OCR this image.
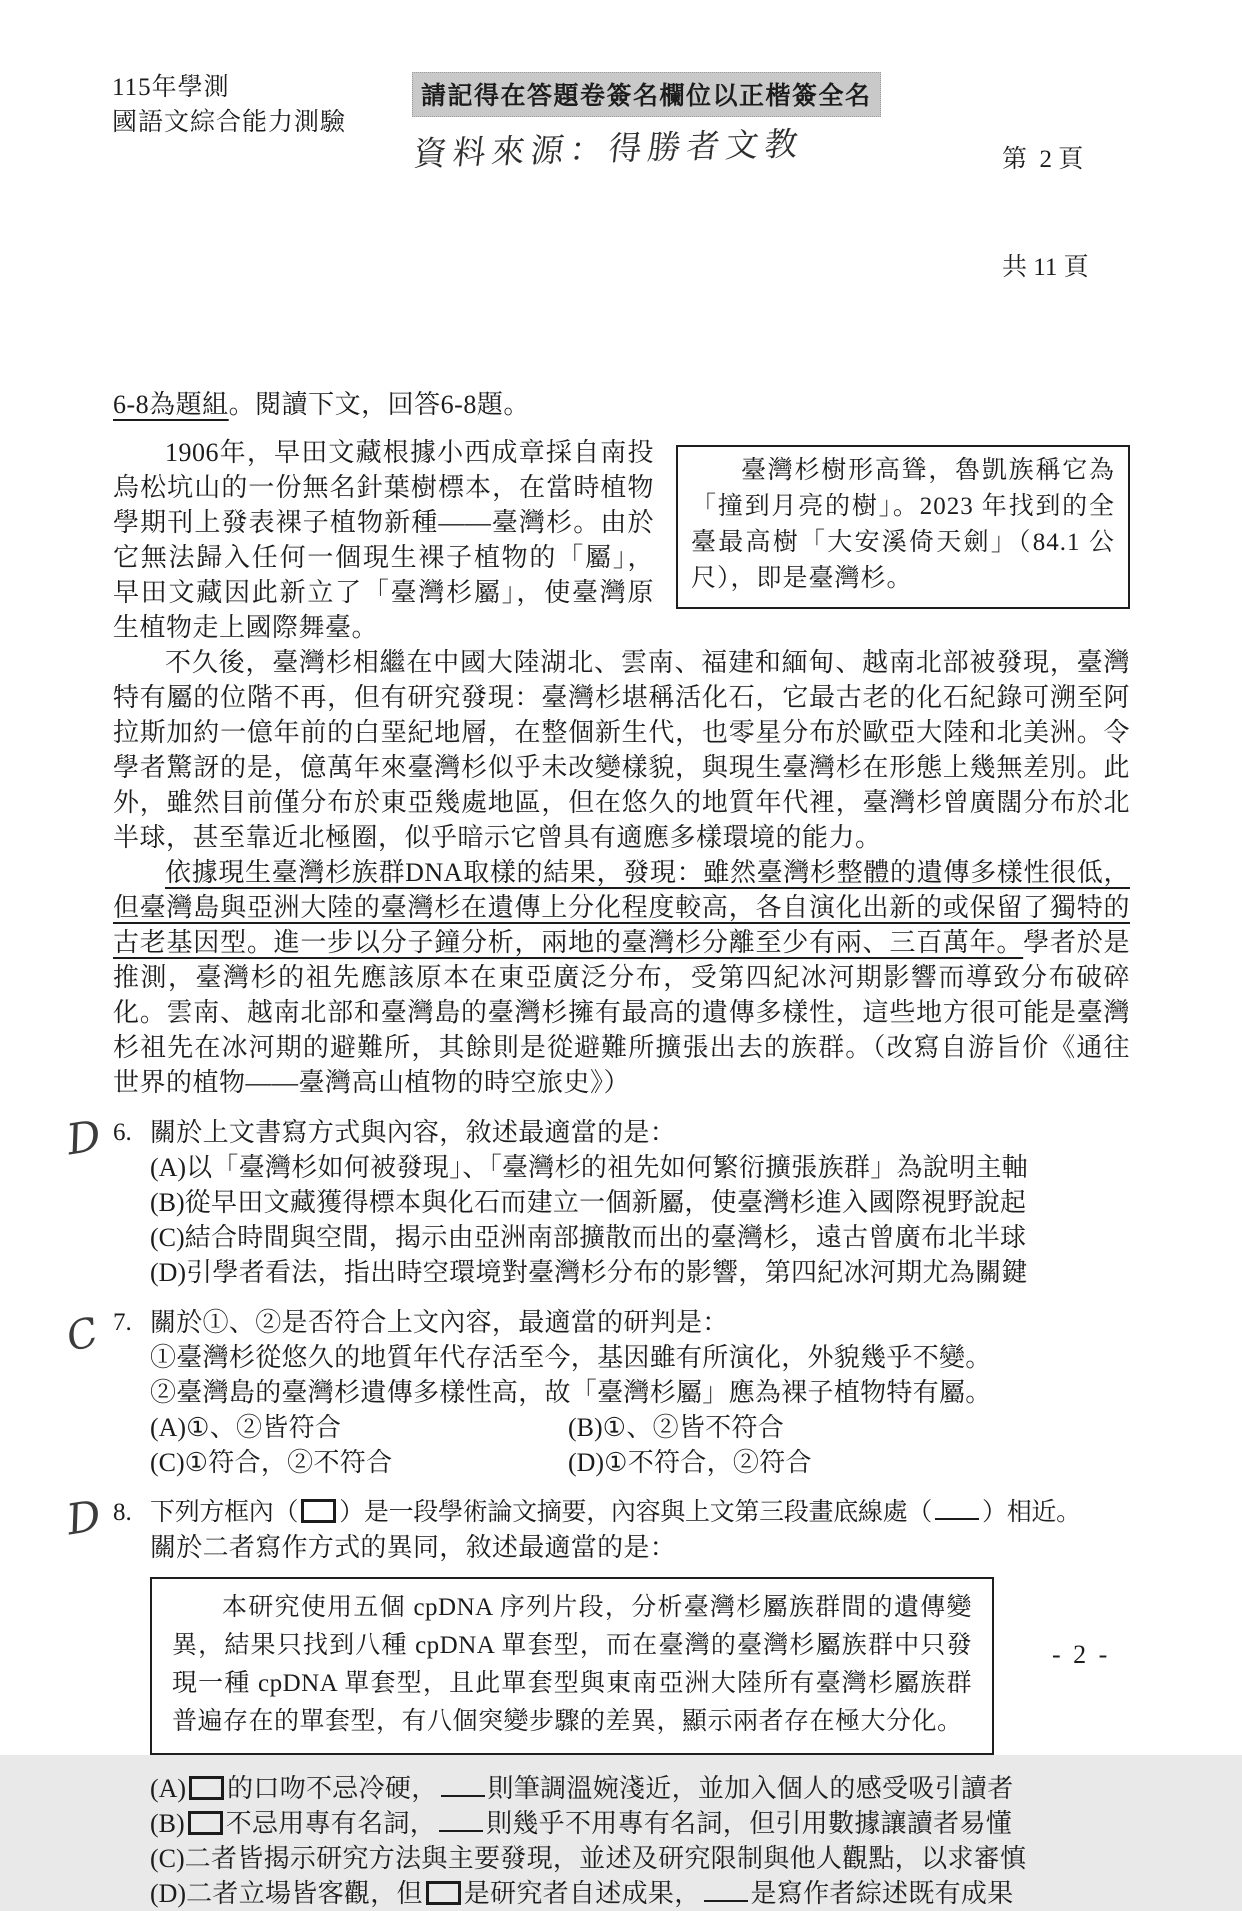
115年學測
國語文綜合能力測驗
請記得在答題卷簽名欄位以正楷簽全名
資料來源：得勝者文教

	第  2 頁

共 11 頁

6-8為題組。閱讀下文，回答6-8題。

1906年，早田文藏根據小西成章採自南投烏松坑山的一份無名針葉樹標本，在當時植物學期刊上發表裸子植物新種——臺灣杉。由於它無法歸入任何一個現生裸子植物的「屬」，早田文藏因此新立了「臺灣杉屬」，使臺灣原生植物走上國際舞臺。

臺灣杉樹形高聳，魯凱族稱它為「撞到月亮的樹」。2023 年找到的全臺最高樹「大安溪倚天劍」（84.1 公尺），即是臺灣杉。

不久後，臺灣杉相繼在中國大陸湖北、雲南、福建和緬甸、越南北部被發現，臺灣特有屬的位階不再，但有研究發現：臺灣杉堪稱活化石，它最古老的化石紀錄可溯至阿拉斯加約一億年前的白堊紀地層，在整個新生代，也零星分布於歐亞大陸和北美洲。令學者驚訝的是，億萬年來臺灣杉似乎未改變樣貌，與現生臺灣杉在形態上幾無差別。此外，雖然目前僅分布於東亞幾處地區，但在悠久的地質年代裡，臺灣杉曾廣闊分布於北半球，甚至靠近北極圈，似乎暗示它曾具有適應多樣環境的能力。

依據現生臺灣杉族群DNA取樣的結果，發現：雖然臺灣杉整體的遺傳多樣性很低，但臺灣島與亞洲大陸的臺灣杉在遺傳上分化程度較高，各自演化出新的或保留了獨特的古老基因型。進一步以分子鐘分析，兩地的臺灣杉分離至少有兩、三百萬年。學者於是推測，臺灣杉的祖先應該原本在東亞廣泛分布，受第四紀冰河期影響而導致分布破碎化。雲南、越南北部和臺灣島的臺灣杉擁有最高的遺傳多樣性，這些地方很可能是臺灣杉祖先在冰河期的避難所，其餘則是從避難所擴張出去的族群。（改寫自游旨价《通往世界的植物——臺灣高山植物的時空旅史》）

D 6. 關於上文書寫方式與內容，敘述最適當的是：

(A)以「臺灣杉如何被發現」、「臺灣杉的祖先如何繁衍擴張族群」為說明主軸

(B)從早田文藏獲得標本與化石而建立一個新屬，使臺灣杉進入國際視野說起

(C)結合時間與空間，揭示由亞洲南部擴散而出的臺灣杉，遠古曾廣布北半球

(D)引學者看法，指出時空環境對臺灣杉分布的影響，第四紀冰河期尤為關鍵

C 7. 關於①、②是否符合上文內容，最適當的研判是：

①臺灣杉從悠久的地質年代存活至今，基因雖有所演化，外貌幾乎不變。

②臺灣島的臺灣杉遺傳多樣性高，故「臺灣杉屬」應為裸子植物特有屬。

(A)①、②皆符合	(B)①、②皆不符合

(C)①符合，②不符合	(D)①不符合，②符合

D 8. 下列方框內（ ）是一段學術論文摘要，內容與上文第三段畫底線處（ ）相近。

關於二者寫作方式的異同，敘述最適當的是：

本研究使用五個 cpDNA 序列片段，分析臺灣杉屬族群間的遺傳變異，結果只找到八種 cpDNA 單套型，而在臺灣的臺灣杉屬族群中只發現一種 cpDNA 單套型，且此單套型與東南亞洲大陸所有臺灣杉屬族群普遍存在的單套型，有八個突變步驟的差異，顯示兩者存在極大分化。

(A) 的口吻不忌冷硬， 則筆調溫婉淺近，並加入個人的感受吸引讀者

(B) 不忌用專有名詞， 則幾乎不用專有名詞，但引用數據讓讀者易懂

(C)二者皆揭示研究方法與主要發現，並述及研究限制與他人觀點，以求審慎

(D)二者立場皆客觀，但 是研究者自述成果， 是寫作者綜述既有成果

- 2 -
